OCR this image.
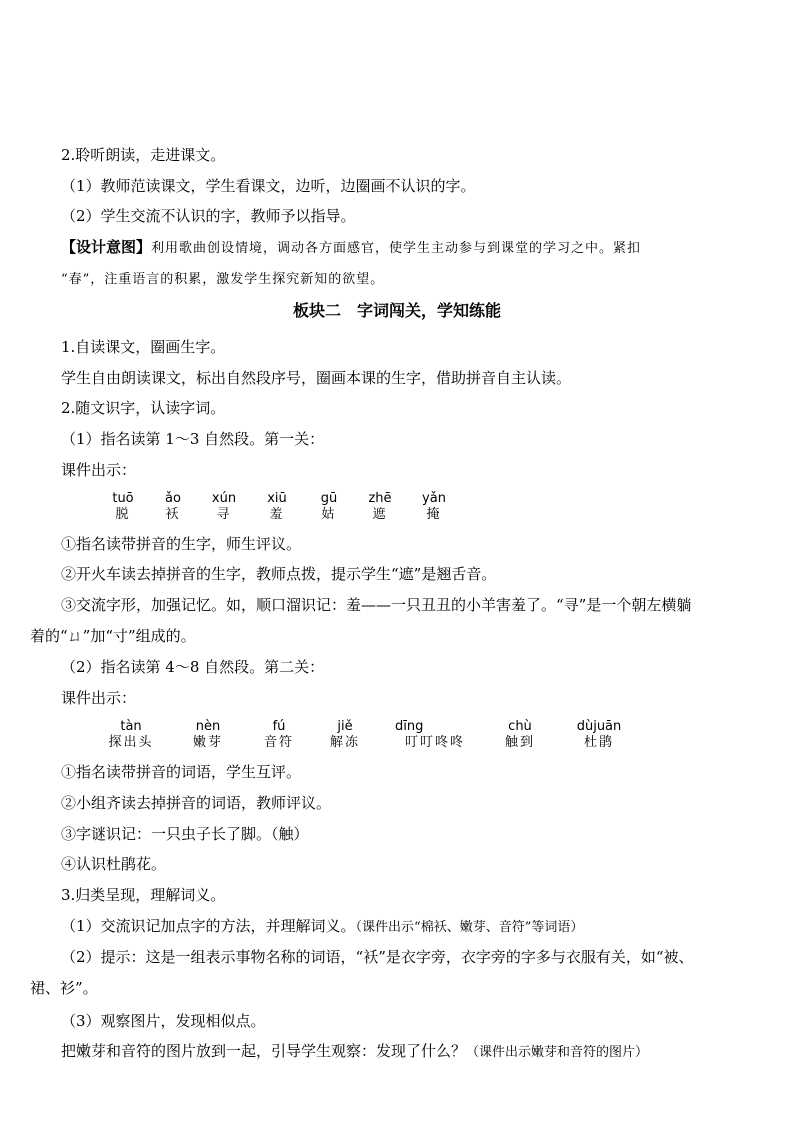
2.聆听朗读，走进课文。
（1）教师范读课文，学生看课文，边听，边圈画不认识的字。
（2）学生交流不认识的字，教师予以指导。
【设计意图】利用歌曲创设情境，调动各方面感官，使学生主动参与到课堂的学习之中。紧扣
“春”，注重语言的积累，激发学生探究新知的欲望。
板块二　字词闯关，学知练能
1.自读课文，圈画生字。
学生自由朗读课文，标出自然段序号，圈画本课的生字，借助拼音自主认读。
2.随文识字，认读字词。
（1）指名读第 1～3 自然段。第一关：
课件出示：
tuō
脱
ǎo
袄
xún
寻
xiū
羞
gū
姑
zhē
遮
yǎn
掩
①指名读带拼音的生字，师生评议。
②开火车读去掉拼音的生字，教师点拨，提示学生“遮”是翘舌音。
③交流字形，加强记忆。如，顺口溜识记：羞——一只丑丑的小羊害羞了。“寻”是一个朝左横躺
着的“ㄩ”加“寸”组成的。
（2）指名读第 4～8 自然段。第二关：
课件出示：
tàn
探出头
nèn
嫩芽
fú
音符
jiě
解冻
dīng
叮叮咚咚
chù
触到
dùjuān
杜鹃
①指名读带拼音的词语，学生互评。
②小组齐读去掉拼音的词语，教师评议。
③字谜识记：一只虫子长了脚。（触）
④认识杜鹃花。
3.归类呈现，理解词义。
（1）交流识记加点字的方法，并理解词义。（课件出示“棉袄、嫩芽、音符”等词语）
（2）提示：这是一组表示事物名称的词语，“袄”是衣字旁，衣字旁的字多与衣服有关，如“被、
裙、衫”。
（3）观察图片，发现相似点。
把嫩芽和音符的图片放到一起，引导学生观察：发现了什么？（课件出示嫩芽和音符的图片）
